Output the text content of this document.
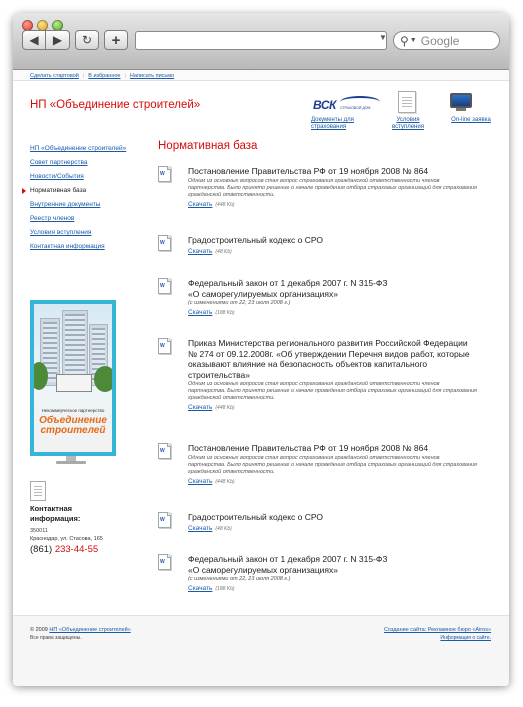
◀ ▶ ↻ +	▼ ⚲ ▼ Google
Сделать стартовой | В избранное | Написать письмо
НП «Объединение строителей»	ВСК СТРАХОВОЙ ДОМ
Документы для страхования
Условия вступления
On-line заявка
НП «Объединение строителей»
Совет партнерства
Новости/События
Нормативная база
Внутренние документы
Реестр членов
Условия вступления
Контактная информация
Некоммерческое партнерство
Объединение строителей
Контактная информация:
350011
Краснодар, ул. Стасова, 165
(861) 233-44-55
Нормативная база
W
Постановление Правительства РФ от 19 ноября 2008 № 864
Одним из основных вопросов стал вопрос страхования гражданской ответственности членов партнерства. Было принято решение о начале проведения отбора страховых организаций для страхования гражданской ответственности.
Скачать (448 Kb)
W
Градостроительный кодекс о СРО
Скачать (48 Kb)
W
Федеральный закон от 1 декабря 2007 г. N 315-ФЗ «О саморегулируемых организациях»
(с изменениями от 22, 23 июля 2008 г.)
Скачать (188 Kb)
W
Приказ Министерства регионального развития Российской Федерации № 274 от 09.12.2008г. «Об утверждении Перечня видов работ, которые оказывают влияние на безопасность объектов капитального строительства»
Одним из основных вопросов стал вопрос страхования гражданской ответственности членов партнерства. Было принято решение о начале проведения отбора страховых организаций для страхования гражданской ответственности.
Скачать (448 Kb)
W
Постановление Правительства РФ от 19 ноября 2008 № 864
Одним из основных вопросов стал вопрос страхования гражданской ответственности членов партнерства. Было принято решение о начале проведения отбора страховых организаций для страхования гражданской ответственности.
Скачать (448 Kb)
W
Градостроительный кодекс о СРО
Скачать (48 Kb)
W
Федеральный закон от 1 декабря 2007 г. N 315-ФЗ «О саморегулируемых организациях»
(с изменениями от 22, 23 июля 2008 г.)
Скачать (188 Kb)
© 2009 НП «Объединение строителей»
Все права защищены.
Создание сайта: Рекламное бюро «Airos»
Информация о сайте.
